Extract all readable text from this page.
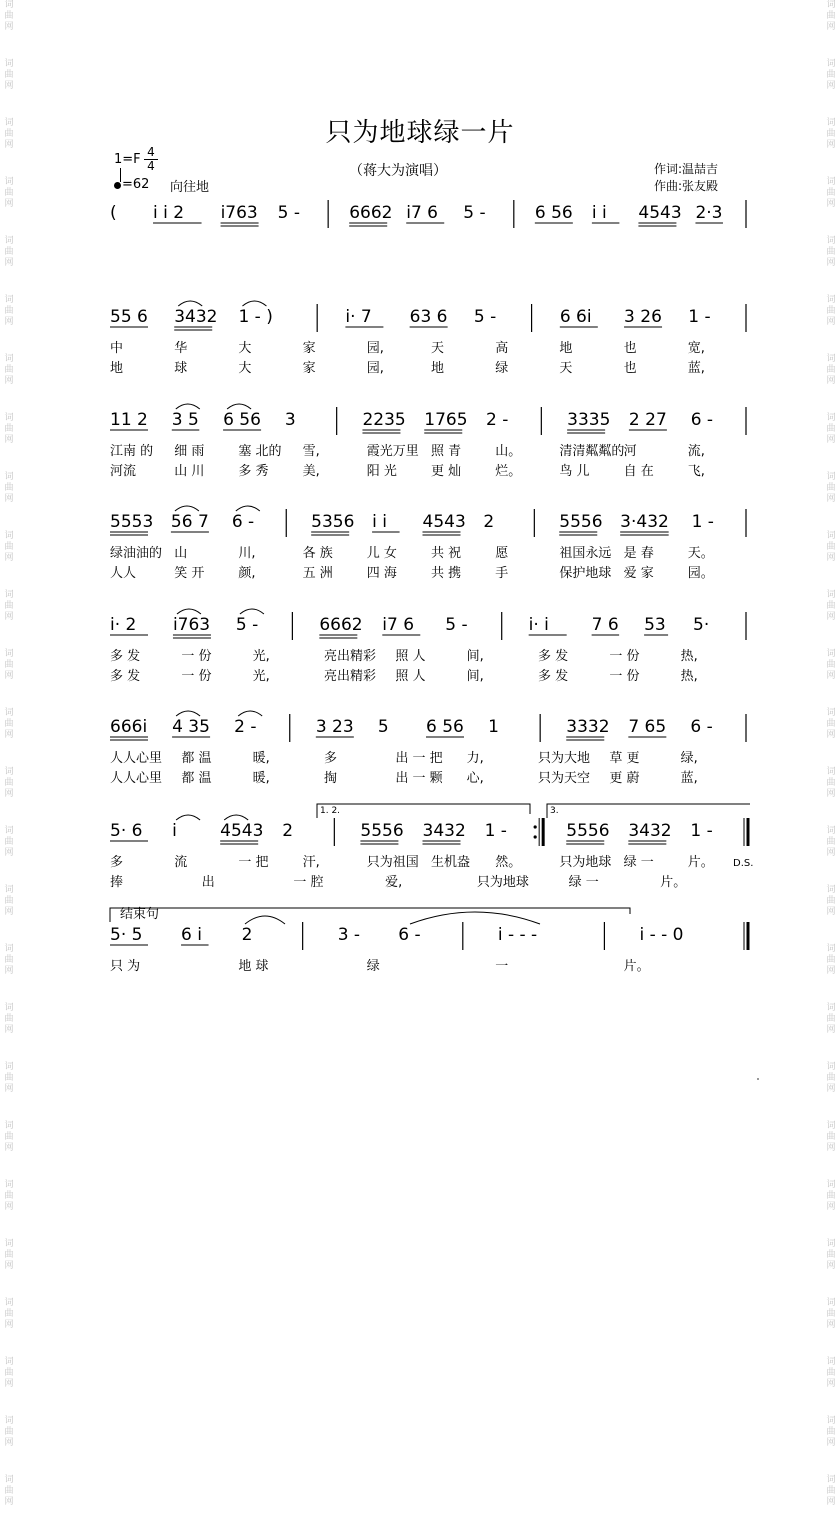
词
曲
网
词
曲
网
词
曲
网
词
曲
网
词
曲
网
词
曲
网
词
曲
网
词
曲
网
词
曲
网
词
曲
网
词
曲
网
词
曲
网
词
曲
网
词
曲
网
词
曲
网
词
曲
网
词
曲
网
词
曲
网
词
曲
网
词
曲
网
词
曲
网
词
曲
网
词
曲
网
词
曲
网
词
曲
网
词
曲
网
词
曲
网
词
曲
网
词
曲
网
词
曲
网
词
曲
网
词
曲
网
词
曲
网
词
曲
网
词
曲
网
词
曲
网
词
曲
网
词
曲
网
词
曲
网
词
曲
网
词
曲
网
词
曲
网
词
曲
网
词
曲
网
词
曲
网
词
曲
网
词
曲
网
词
曲
网
词
曲
网
词
曲
网
词
曲
网
词
曲
网
只为地球绿一片
1=F 4
4
=62 向往地
（蒋大为演唱）	作词:温喆吉
作曲:张友殿
( i i 2 i763 5 -	6662 i7 6 5 -	6 56 i i 4543 2·3
55 6 3432 1 - )	i· 7 63 6 5 -	6 6i 3 26 1 -
中	华	大	家	园,	天	高	地	也	宽,
地	球	大	家	园,	地	绿	天	也	蓝,
11 2 3 5 6 56 3	2235 1765 2 -	3335 2 27 6 -
江南 的 细 雨	塞 北的 雪,	霞光万里 照 青	山。	清清粼粼的 河	流,
河流	山 川	多 秀	美,	阳 光	更 灿	烂。	鸟 儿	自 在	飞,
5553 56 7 6 -	5356 i i 4543 2	5556 3·432 1 -
绿油油的 山	川,	各 族	儿 女	共 祝	愿	祖国永远 是 春	天。
人人	笑 开	颜,	五 洲	四 海	共 携	手	保护地球 爱 家	园。
i· 2 i763 5 -	6662 i7 6 5 -	i· i	7 6 53 5·
多 发	一 份	光,	亮出精彩 照 人	间,	多 发	一 份	热,
多 发	一 份	光,	亮出精彩 照 人	间,	多 发	一 份	热,
666i 4 35 2 -	3 23 5 6 56 1	3332 7 65 6 -
人人心里 都 温	暖,	多	出 一 把 力,	只为大地 草 更	绿,
人人心里 都 温	暖,	掏	出 一 颗 心,	只为天空 更 蔚	蓝,
5· 6 i	4543 2	5556 3432 1 -	5556 3432 1 -
1. 2.	3.
D.S.
多	流	一 把	汗,	只为祖国 生机盎 然。	只为地球 绿 一	片。
捧	出	一 腔	爱,	只为地球	绿 一	片。
5· 5 6 i 2	3 - 6 -	i - - -	i - - 0
结束句
只 为	地 球	绿	一	片。
